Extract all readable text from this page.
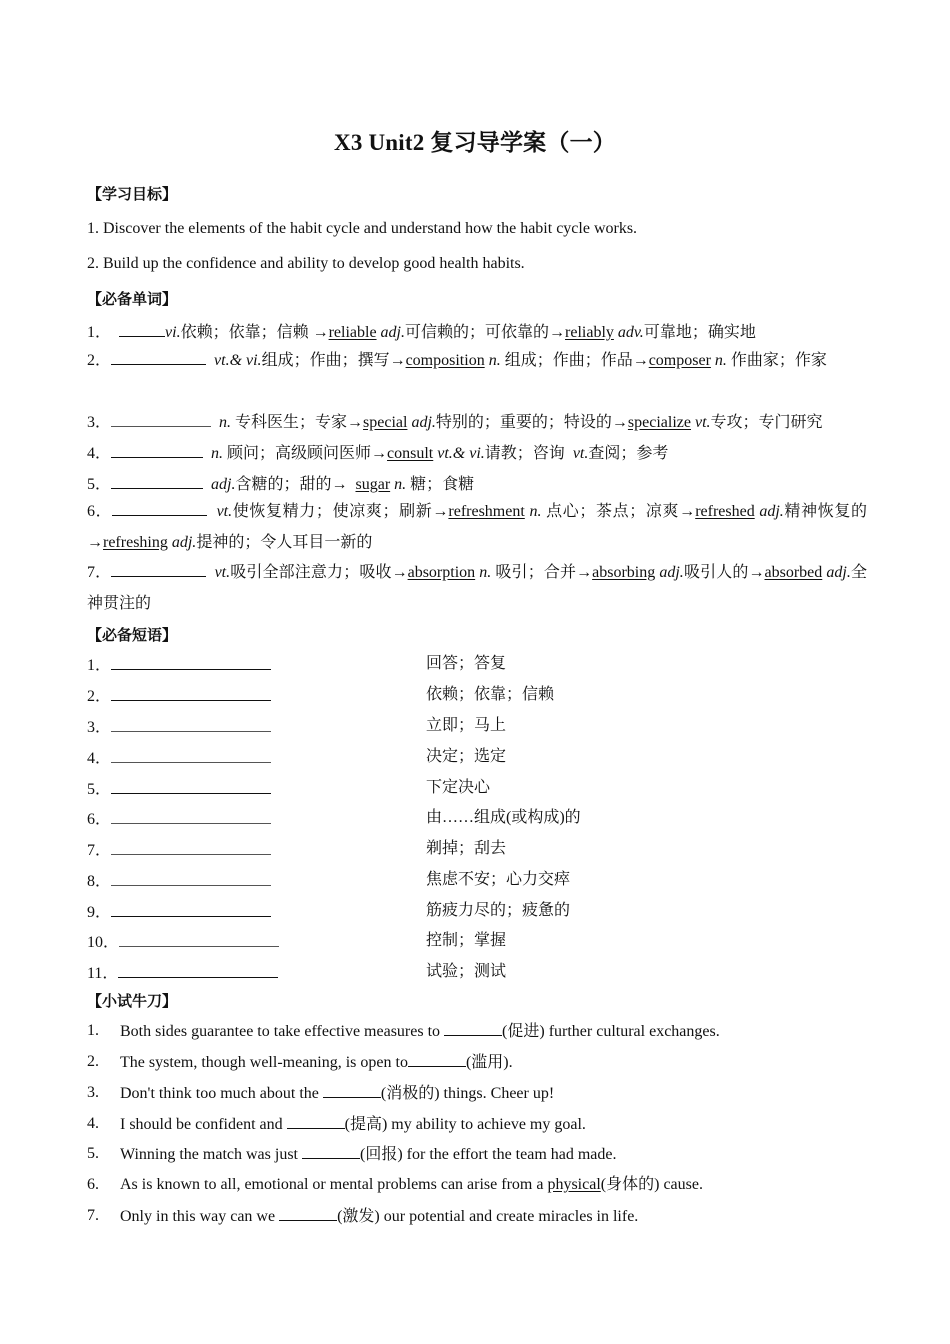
X3 Unit2 复习导学案（一）
【学习目标】
1. Discover the elements of the habit cycle and understand how the habit cycle works.
2. Build up the confidence and ability to develop good health habits.
【必备单词】
1．	vi.依赖；依靠；信赖 →reliable adj.可信赖的；可依靠的→reliably adv.可靠地；确实地
2．	vt.& vi.组成；作曲；撰写→composition n. 组成；作曲；作品→composer n. 作曲家；作家
3．	n. 专科医生；专家→special adj.特别的；重要的；特设的→specialize vt.专攻；专门研究
4．	n. 顾问；高级顾问医师→consult vt.& vi.请教；咨询 vt.查阅；参考
5．	adj.含糖的；甜的→ sugar n. 糖；食糖
6．	vt.使恢复精力；使凉爽；刷新→refreshment n. 点心；茶点；凉爽→refreshed adj.精神恢复的→refreshing adj.提神的；令人耳目一新的
7．	vt.吸引全部注意力；吸收→absorption n. 吸引；合并→absorbing adj.吸引人的→absorbed adj.全神贯注的
【必备短语】
1．	回答；答复
2．	依赖；依靠；信赖
3．	立即；马上
4．	决定；选定
5．	下定决心
6．	由……组成(或构成)的
7．	剃掉；刮去
8．	焦虑不安；心力交瘁
9．	筋疲力尽的；疲惫的
10．	控制；掌握
11．	试验；测试
【小试牛刀】
1. Both sides guarantee to take effective measures to	(促进) further cultural exchanges.
2. The system, though well-meaning, is open to	(滥用).
3. Don't think too much about the	(消极的) things. Cheer up!
4. I should be confident and	(提高) my ability to achieve my goal.
5. Winning the match was just	(回报) for the effort the team had made.
6. As is known to all, emotional or mental problems can arise from a physical(身体的) cause.
7. Only in this way can we	(激发) our potential and create miracles in life.
